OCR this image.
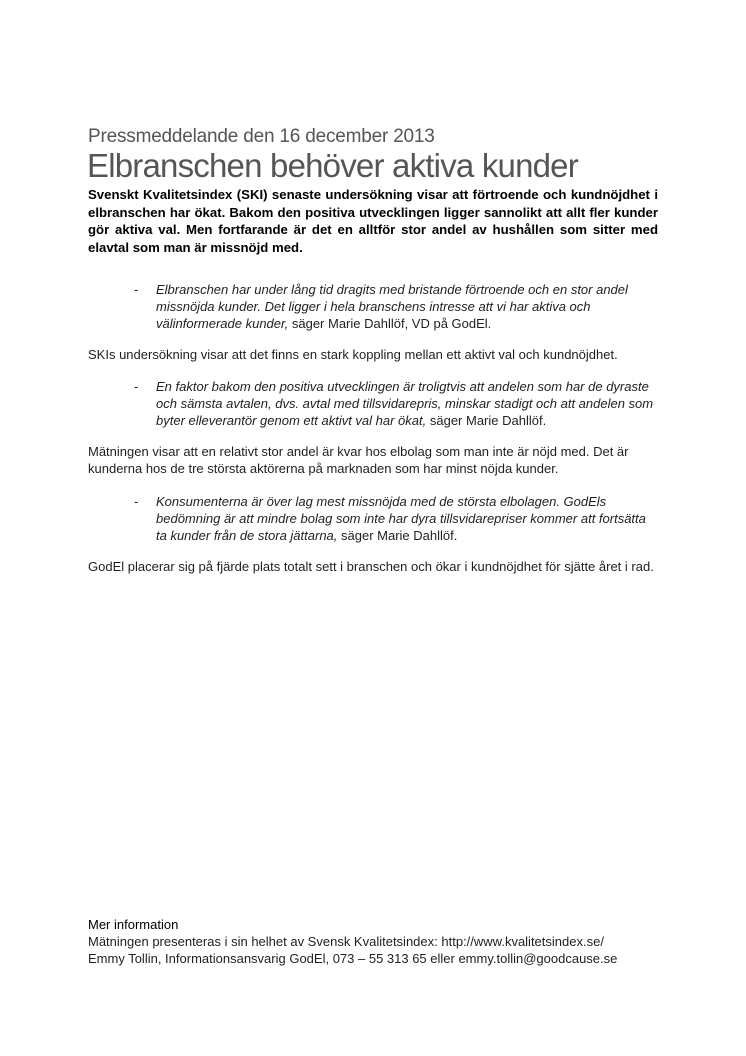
Pressmeddelande den 16 december 2013
Elbranschen behöver aktiva kunder
Svenskt Kvalitetsindex (SKI) senaste undersökning visar att förtroende och kundnöjdhet i elbranschen har ökat. Bakom den positiva utvecklingen ligger sannolikt att allt fler kunder gör aktiva val. Men fortfarande är det en alltför stor andel av hushållen som sitter med elavtal som man är missnöjd med.
- Elbranschen har under lång tid dragits med bristande förtroende och en stor andel missnöjda kunder. Det ligger i hela branschens intresse att vi har aktiva och välinformerade kunder, säger Marie Dahllöf, VD på GodEl.
SKIs undersökning visar att det finns en stark koppling mellan ett aktivt val och kundnöjdhet.
- En faktor bakom den positiva utvecklingen är troligtvis att andelen som har de dyraste och sämsta avtalen, dvs. avtal med tillsvidarepris, minskar stadigt och att andelen som byter elleverantör genom ett aktivt val har ökat, säger Marie Dahllöf.
Mätningen visar att en relativt stor andel är kvar hos elbolag som man inte är nöjd med. Det är kunderna hos de tre största aktörerna på marknaden som har minst nöjda kunder.
- Konsumenterna är över lag mest missnöjda med de största elbolagen. GodEls bedömning är att mindre bolag som inte har dyra tillsvidarepriser kommer att fortsätta ta kunder från de stora jättarna, säger Marie Dahllöf.
GodEl placerar sig på fjärde plats totalt sett i branschen och ökar i kundnöjdhet för sjätte året i rad.
Mer information
Mätningen presenteras i sin helhet av Svensk Kvalitetsindex: http://www.kvalitetsindex.se/
Emmy Tollin, Informationsansvarig GodEl, 073 – 55 313 65 eller emmy.tollin@goodcause.se
